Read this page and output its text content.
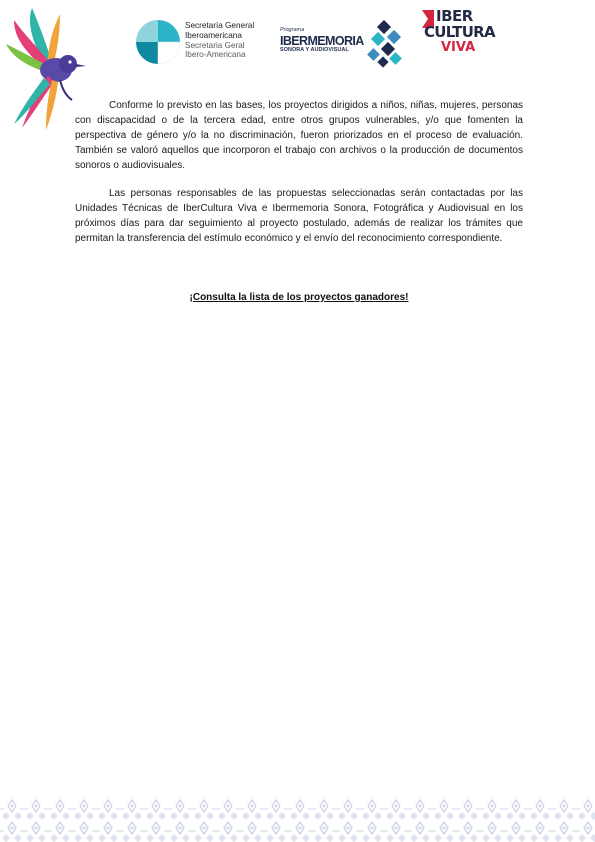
Secretaría General
Iberoamericana
Secretaria Geral
Ibero-Americana
Programa
IBERMEMORIA
SONORA Y AUDIOVISUAL
IBER
CULTURA
VIVA

Conforme lo previsto en las bases, los proyectos dirigidos a niños, niñas, mujeres, personas con discapacidad o de la tercera edad, entre otros grupos vulnerables, y/o que fomenten la perspectiva de género y/o la no discriminación, fueron priorizados en el proceso de evaluación. También se valoró aquellos que incorporon el trabajo con archivos o la producción de documentos sonoros o audiovisuales.

Las personas responsables de las propuestas seleccionadas serán contactadas por las Unidades Técnicas de IberCultura Viva e Ibermemoria Sonora, Fotográfica y Audiovisual en los próximos días para dar seguimiento al proyecto postulado, además de realizar los trámites que permitan la transferencia del estímulo económico y el envío del reconocimiento correspondiente.

¡Consulta la lista de los proyectos ganadores!
